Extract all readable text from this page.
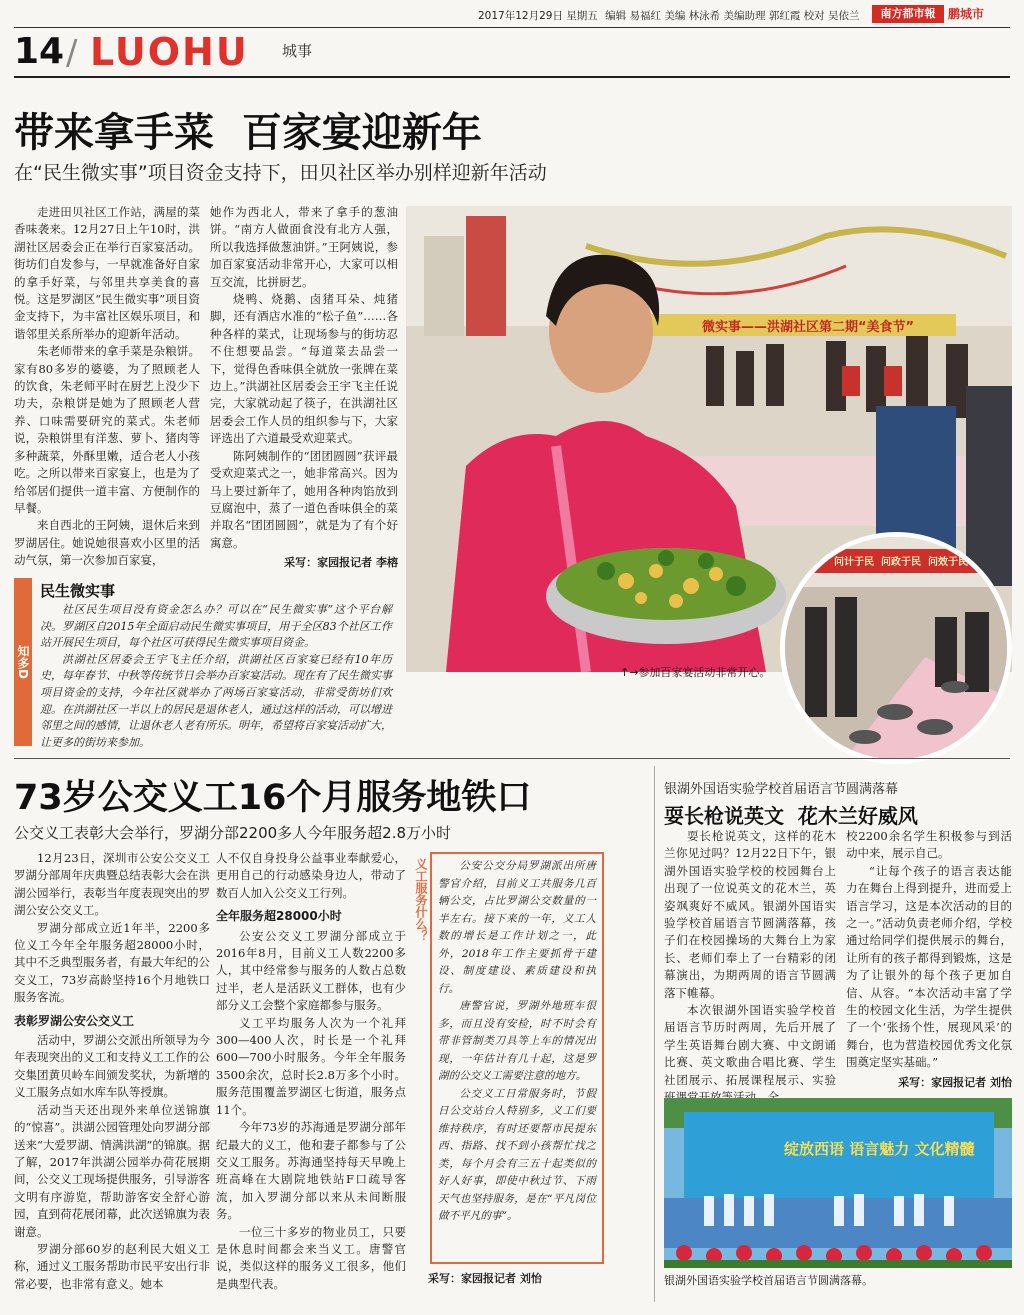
2017年12月29日 星期五 编辑 易福红 美编 林泳希 美编助理 郭红霞 校对 吴依兰	南方都市報	鹏城市
14 / LUOHU 城事
带来拿手菜  百家宴迎新年
在“民生微实事”项目资金支持下，田贝社区举办别样迎新年活动

走进田贝社区工作站，满屋的菜香味袭来。12月27日上午10时，洪湖社区居委会正在举行百家宴活动。街坊们自发参与，一早就准备好自家的拿手好菜，与邻里共享美食的喜悦。这是罗湖区“民生微实事”项目资金支持下，为丰富社区娱乐项目，和谐邻里关系所举办的迎新年活动。

朱老师带来的拿手菜是杂粮饼。家有80多岁的婆婆，为了照顾老人的饮食，朱老师平时在厨艺上没少下功夫，杂粮饼是她为了照顾老人营养、口味需要研究的菜式。朱老师说，杂粮饼里有洋葱、萝卜、猪肉等多种蔬菜，外酥里嫩，适合老人小孩吃。之所以带来百家宴上，也是为了给邻居们提供一道丰富、方便制作的早餐。

来自西北的王阿姨，退休后来到罗湖居住。她说她很喜欢小区里的活动气氛，第一次参加百家宴，

她作为西北人，带来了拿手的葱油饼。“南方人做面食没有北方人强，所以我选择做葱油饼。”王阿姨说，参加百家宴活动非常开心，大家可以相互交流，比拼厨艺。

烧鸭、烧鹅、卤猪耳朵、炖猪脚，还有酒店水准的“松子鱼”……各种各样的菜式，让现场参与的街坊忍不住想要品尝。“每道菜去品尝一下，觉得色香味俱全就放一张牌在菜边上。”洪湖社区居委会王宇飞主任说完，大家就动起了筷子，在洪湖社区居委会工作人员的组织参与下，大家评选出了六道最受欢迎菜式。

陈阿姨制作的“团团圆圆”获评最受欢迎菜式之一，她非常高兴。因为马上要过新年了，她用各种肉馅放到豆腐泡中，蒸了一道色香味俱全的菜并取名“团团圆圆”，就是为了有个好寓意。

采写：家园报记者 李榕
微实事——洪湖社区第二期“美食节”
问计于民  问政于民  问效于民
↑→参加百家宴活动非常开心。
知多D
民生微实事

社区民生项目没有资金怎么办？可以在“民生微实事”这个平台解决。罗湖区自2015年全面启动民生微实事项目，用于全区83个社区工作站开展民生项目，每个社区可获得民生微实事项目资金。

洪湖社区居委会王宇飞主任介绍，洪湖社区百家宴已经有10年历史，每年春节、中秋等传统节日会举办百家宴活动。现在有了民生微实事项目资金的支持，今年社区就举办了两场百家宴活动，非常受街坊们欢迎。在洪湖社区一半以上的居民是退休老人，通过这样的活动，可以增进邻里之间的感情，让退休老人老有所乐。明年，希望将百家宴活动扩大，让更多的街坊来参加。

73岁公交义工16个月服务地铁口
公交义工表彰大会举行，罗湖分部2200多人今年服务超2.8万小时

12月23日，深圳市公安公交义工罗湖分部周年庆典暨总结表彰大会在洪湖公园举行，表彰当年度表现突出的罗湖公安公交义工。

罗湖分部成立近1年半，2200多位义工今年全年服务超28000小时，其中不乏典型服务者，有最大年纪的公交义工，73岁高龄坚持16个月地铁口服务客流。

表彰罗湖公安公交义工

活动中，罗湖公交派出所领导为今年表现突出的义工和支持义工工作的公交集团黄贝岭车间颁发奖状，为新增的义工服务点如水库车队等授旗。

活动当天还出现外来单位送锦旗的“惊喜”。洪湖公园管理处向罗湖分部送来“大爱罗湖、情满洪湖”的锦旗。据了解，2017年洪湖公园举办荷花展期间，公交义工现场提供服务，引导游客文明有序游览，帮助游客安全舒心游园，直到荷花展闭幕，此次送锦旗为表谢意。

罗湖分部60岁的赵利民大姐义工称，通过义工服务帮助市民平安出行非常必要，也非常有意义。她本

人不仅自身投身公益事业奉献爱心，更用自己的行动感染身边人，带动了数百人加入公交义工行列。

全年服务超28000小时

公安公交义工罗湖分部成立于2016年8月，目前义工人数2200多人，其中经常参与服务的人数占总数过半，老人是活跃义工群体，也有少部分义工会整个家庭都参与服务。

义工平均服务人次为一个礼拜300—400人次，时长是一个礼拜600—700小时服务。今年全年服务3500余次，总时长2.8万多个小时。服务范围覆盖罗湖区七街道，服务点11个。

今年73岁的苏海通是罗湖分部年纪最大的义工，他和妻子都参与了公交义工服务。苏海通坚持每天早晚上班高峰在大剧院地铁站F口疏导客流，加入罗湖分部以来从未间断服务。

一位三十多岁的物业员工，只要是休息时间都会来当义工。唐警官说，类似这样的服务义工很多，他们是典型代表。

义工服务什么？	公安公交分局罗湖派出所唐警官介绍，目前义工共服务几百辆公交，占比罗湖公交数量的一半左右。接下来的一年，义工人数的增长是工作计划之一，此外，2018年工作主要抓骨干建设、制度建设、素质建设和执行。

唐警官说，罗湖外地班车很多，而且没有安检，时不时会有带非管制类刀具等上车的情况出现，一年估计有几十起，这是罗湖的公交义工需要注意的地方。

公交义工日常服务时，节假日公交站台人特别多，义工们要维持秩序，有时还要帮市民提东西、指路、找不到小孩帮忙找之类，每个月会有三五十起类似的好人好事，即使中秋过节、下雨天气也坚持服务，是在“平凡岗位做不平凡的事”。

采写：家园报记者 刘怡
银湖外国语实验学校首届语言节圆满落幕
耍长枪说英文  花木兰好威风

耍长枪说英文，这样的花木兰你见过吗？12月22日下午，银湖外国语实验学校的校园舞台上出现了一位说英文的花木兰，英姿飒爽好不威风。银湖外国语实验学校首届语言节圆满落幕，孩子们在校园操场的大舞台上为家长、老师们奉上了一台精彩的闭幕演出，为期两周的语言节圆满落下帷幕。

本次银湖外国语实验学校首届语言节历时两周，先后开展了学生英语舞台剧大赛、中文朗诵比赛、英文歌曲合唱比赛、学生社团展示、拓展课程展示、实验

校2200余名学生积极参与到活动中来，展示自己。

“让每个孩子的语言表达能力在舞台上得到提升，进而爱上语言学习，这是本次活动的目的之一。”活动负责老师介绍，学校通过给同学们提供展示的舞台，让所有的孩子都得到锻炼，这是为了让银外的每个孩子更加自信、从容。“本次活动丰富了学生的校园文化生活，为学生提供了一个‘张扬个性，展现风采’的舞台，也为营造校园优秀文化氛围奠定坚实基础。”

采写：家园报记者 刘怡
绽放西语 语言魅力 文化精髓
银湖外国语实验学校首届语言节圆满落幕。
